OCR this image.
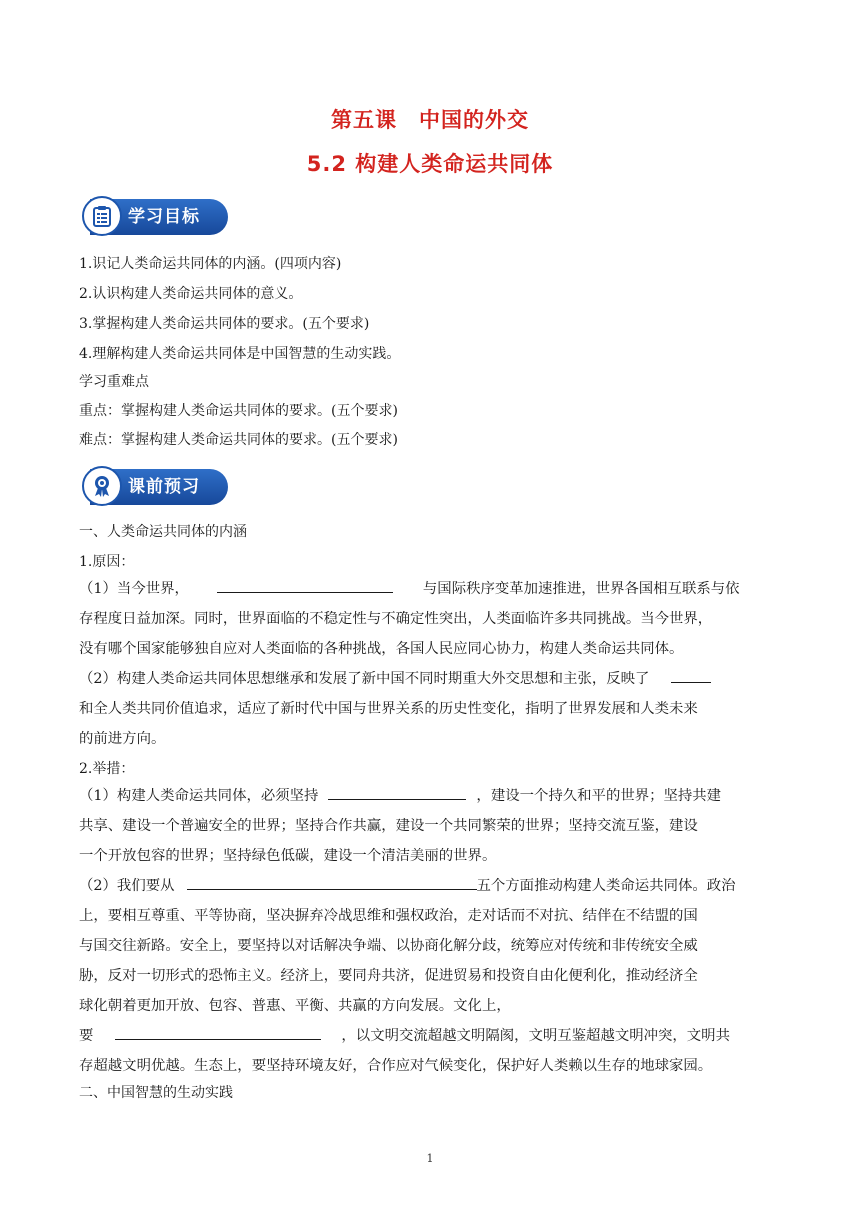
第五课　中国的外交
5.2 构建人类命运共同体
学习目标
1.识记人类命运共同体的内涵。(四项内容)
2.认识构建人类命运共同体的意义。
3.掌握构建人类命运共同体的要求。(五个要求)
4.理解构建人类命运共同体是中国智慧的生动实践。
学习重难点
重点：掌握构建人类命运共同体的要求。(五个要求)
难点：掌握构建人类命运共同体的要求。(五个要求)
课前预习
一、人类命运共同体的内涵
1.原因：
（1）当今世界，	与国际秩序变革加速推进，世界各国相互联系与依
存程度日益加深。同时，世界面临的不稳定性与不确定性突出，人类面临许多共同挑战。当今世界，
没有哪个国家能够独自应对人类面临的各种挑战，各国人民应同心协力，构建人类命运共同体。
（2）构建人类命运共同体思想继承和发展了新中国不同时期重大外交思想和主张，反映了
和全人类共同价值追求，适应了新时代中国与世界关系的历史性变化，指明了世界发展和人类未来
的前进方向。
2.举措：
（1）构建人类命运共同体，必须坚持	，建设一个持久和平的世界；坚持共建
共享、建设一个普遍安全的世界；坚持合作共赢，建设一个共同繁荣的世界；坚持交流互鉴，建设
一个开放包容的世界；坚持绿色低碳，建设一个清洁美丽的世界。
（2）我们要从	五个方面推动构建人类命运共同体。政治
上，要相互尊重、平等协商，坚决摒弃冷战思维和强权政治，走对话而不对抗、结伴在不结盟的国
与国交往新路。安全上，要坚持以对话解决争端、以协商化解分歧，统筹应对传统和非传统安全威
胁，反对一切形式的恐怖主义。经济上，要同舟共济，促进贸易和投资自由化便利化，推动经济全
球化朝着更加开放、包容、普惠、平衡、共赢的方向发展。文化上，
要	，以文明交流超越文明隔阂，文明互鉴超越文明冲突，文明共
存超越文明优越。生态上，要坚持环境友好，合作应对气候变化，保护好人类赖以生存的地球家园。
二、中国智慧的生动实践
1
